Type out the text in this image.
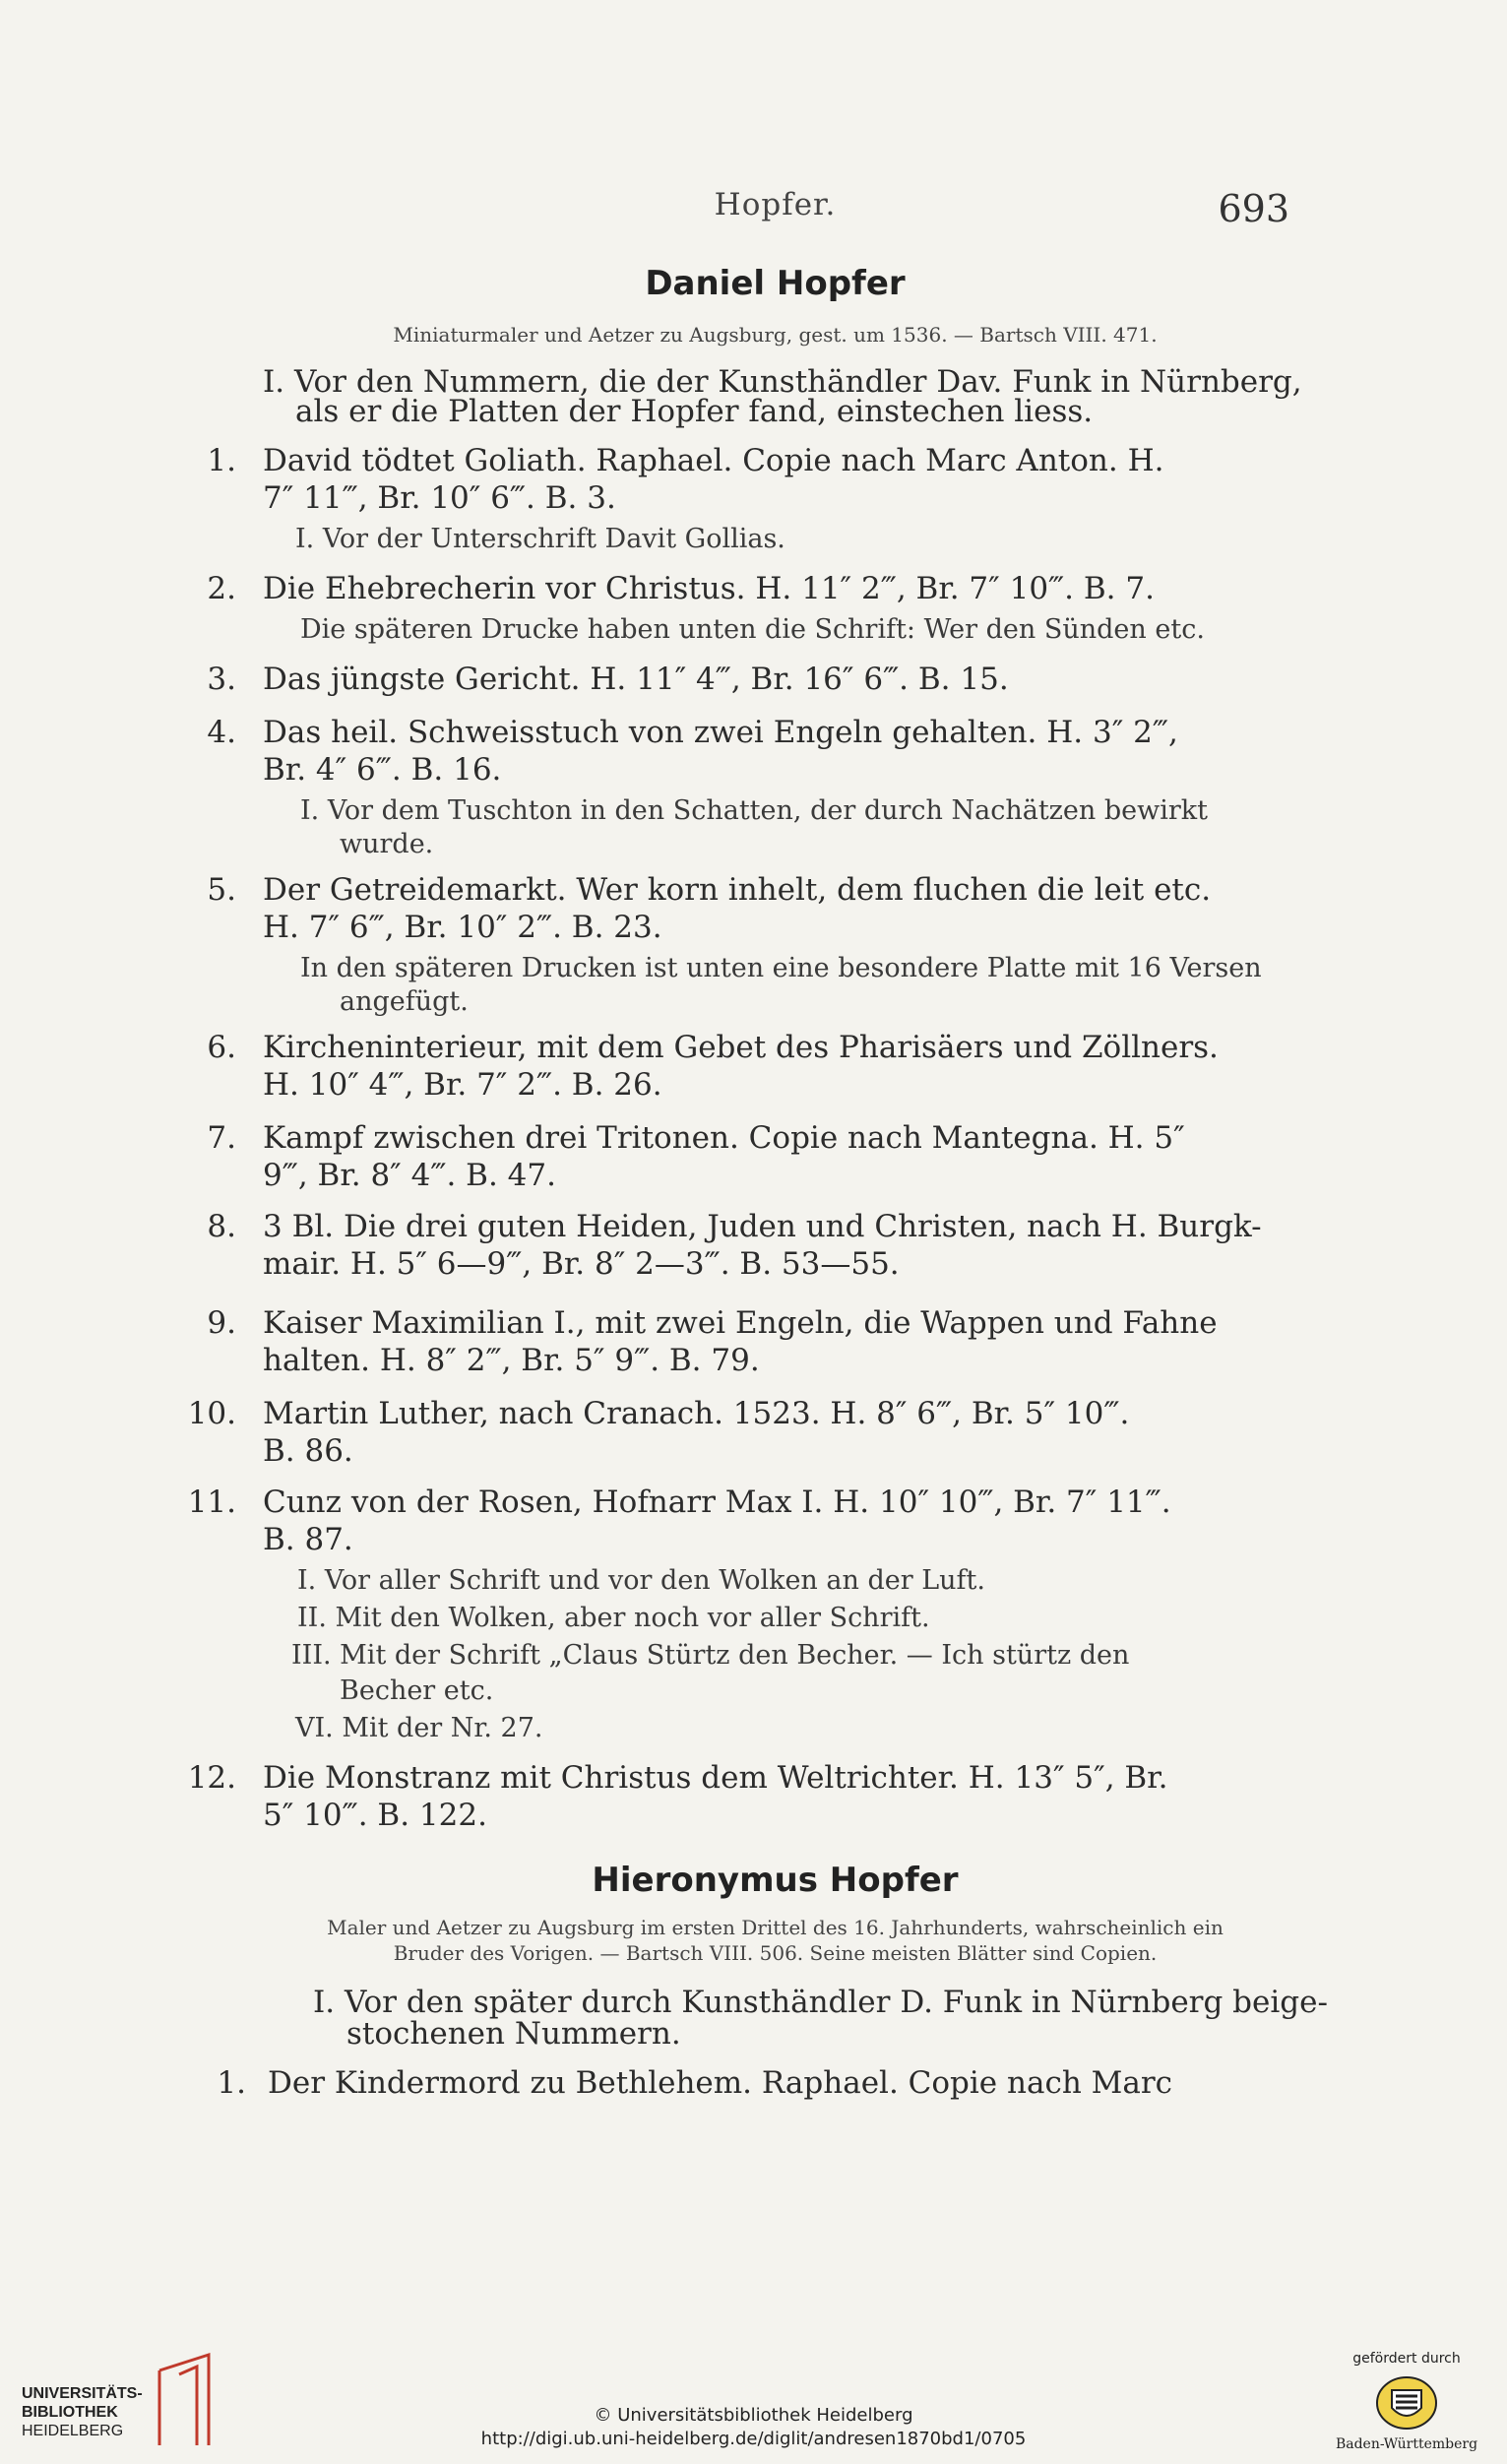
Hopfer.	693
Daniel Hopfer
Miniaturmaler und Aetzer zu Augsburg, gest. um 1536. — Bartsch VIII. 471.
I. Vor den Nummern, die der Kunsthändler Dav. Funk in Nürnberg,
als er die Platten der Hopfer fand, einstechen liess.
1. David tödtet Goliath. Raphael. Copie nach Marc Anton. H.
7″ 11‴, Br. 10″ 6‴. B. 3.
I. Vor der Unterschrift Davit Gollias.
2. Die Ehebrecherin vor Christus. H. 11″ 2‴, Br. 7″ 10‴. B. 7.
Die späteren Drucke haben unten die Schrift: Wer den Sünden etc.
3. Das jüngste Gericht. H. 11″ 4‴, Br. 16″ 6‴. B. 15.
4. Das heil. Schweisstuch von zwei Engeln gehalten. H. 3″ 2‴,
Br. 4″ 6‴. B. 16.
I. Vor dem Tuschton in den Schatten, der durch Nachätzen bewirkt
wurde.
5. Der Getreidemarkt. Wer korn inhelt, dem fluchen die leit etc.
H. 7″ 6‴, Br. 10″ 2‴. B. 23.
In den späteren Drucken ist unten eine besondere Platte mit 16 Versen
angefügt.
6. Kircheninterieur, mit dem Gebet des Pharisäers und Zöllners.
H. 10″ 4‴, Br. 7″ 2‴. B. 26.
7. Kampf zwischen drei Tritonen. Copie nach Mantegna. H. 5″
9‴, Br. 8″ 4‴. B. 47.
8. 3 Bl. Die drei guten Heiden, Juden und Christen, nach H. Burgk-
mair. H. 5″ 6—9‴, Br. 8″ 2—3‴. B. 53—55.
9. Kaiser Maximilian I., mit zwei Engeln, die Wappen und Fahne
halten. H. 8″ 2‴, Br. 5″ 9‴. B. 79.
10. Martin Luther, nach Cranach. 1523. H. 8″ 6‴, Br. 5″ 10‴.
B. 86.
11. Cunz von der Rosen, Hofnarr Max I. H. 10″ 10‴, Br. 7″ 11‴.
B. 87.
I. Vor aller Schrift und vor den Wolken an der Luft.
II. Mit den Wolken, aber noch vor aller Schrift.
III. Mit der Schrift „Claus Stürtz den Becher. — Ich stürtz den
Becher etc.
VI. Mit der Nr. 27.
12. Die Monstranz mit Christus dem Weltrichter. H. 13″ 5″, Br.
5″ 10‴. B. 122.
Hieronymus Hopfer
Maler und Aetzer zu Augsburg im ersten Drittel des 16. Jahrhunderts, wahrscheinlich ein
Bruder des Vorigen. — Bartsch VIII. 506. Seine meisten Blätter sind Copien.
I. Vor den später durch Kunsthändler D. Funk in Nürnberg beige-
stochenen Nummern.
1. Der Kindermord zu Bethlehem. Raphael. Copie nach Marc
UNIVERSITÄTS-
BIBLIOTHEK
HEIDELBERG
© Universitätsbibliothek Heidelberg
http://digi.ub.uni-heidelberg.de/diglit/andresen1870bd1/0705
gefördert durch
Baden-Württemberg
